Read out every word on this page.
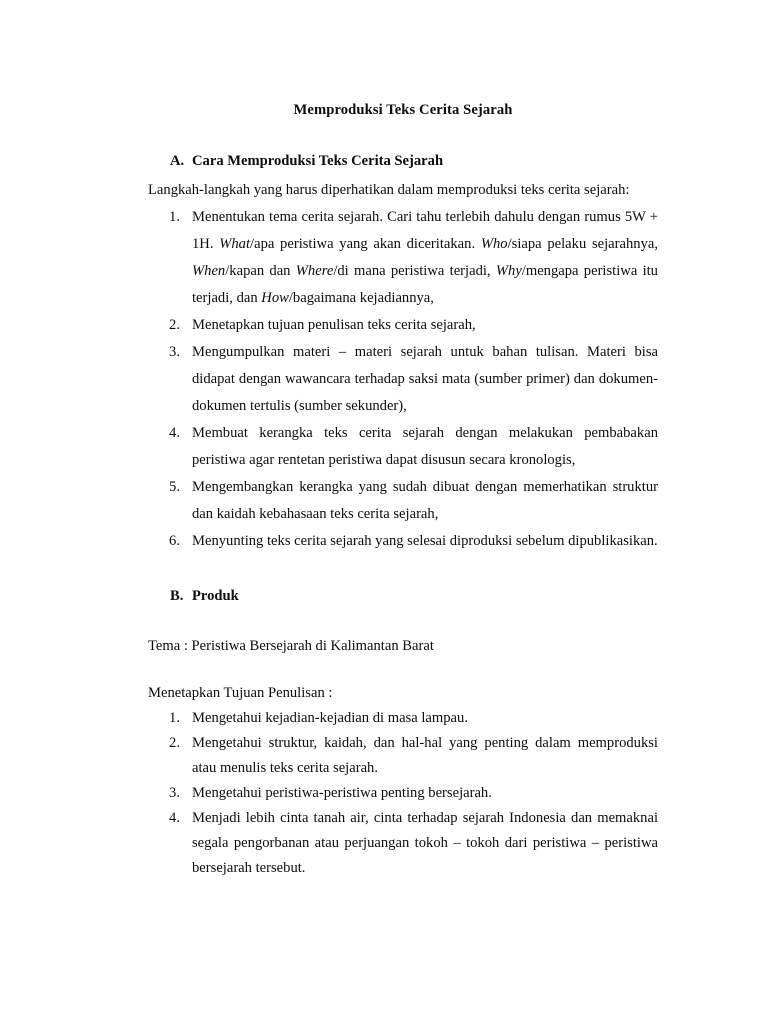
Memproduksi Teks Cerita Sejarah
A. Cara Memproduksi Teks Cerita Sejarah

Langkah-langkah yang harus diperhatikan dalam memproduksi teks cerita sejarah:

1. Menentukan tema cerita sejarah. Cari tahu terlebih dahulu dengan rumus 5W + 1H. What/apa peristiwa yang akan diceritakan. Who/siapa pelaku sejarahnya, When/kapan dan Where/di mana peristiwa terjadi, Why/mengapa peristiwa itu terjadi, dan How/bagaimana kejadiannya,
2. Menetapkan tujuan penulisan teks cerita sejarah,
3. Mengumpulkan materi – materi sejarah untuk bahan tulisan. Materi bisa didapat dengan wawancara terhadap saksi mata (sumber primer) dan dokumen-dokumen tertulis (sumber sekunder),
4. Membuat kerangka teks cerita sejarah dengan melakukan pembabakan peristiwa agar rentetan peristiwa dapat disusun secara kronologis,
5. Mengembangkan kerangka yang sudah dibuat dengan memerhatikan struktur dan kaidah kebahasaan teks cerita sejarah,
6. Menyunting teks cerita sejarah yang selesai diproduksi sebelum dipublikasikan.
B. Produk

Tema : Peristiwa Bersejarah di Kalimantan Barat

Menetapkan Tujuan Penulisan :

1. Mengetahui kejadian-kejadian di masa lampau.
2. Mengetahui struktur, kaidah, dan hal-hal yang penting dalam memproduksi atau menulis teks cerita sejarah.
3. Mengetahui peristiwa-peristiwa penting bersejarah.
4. Menjadi lebih cinta tanah air, cinta terhadap sejarah Indonesia dan memaknai segala pengorbanan atau perjuangan tokoh – tokoh dari peristiwa – peristiwa bersejarah tersebut.
